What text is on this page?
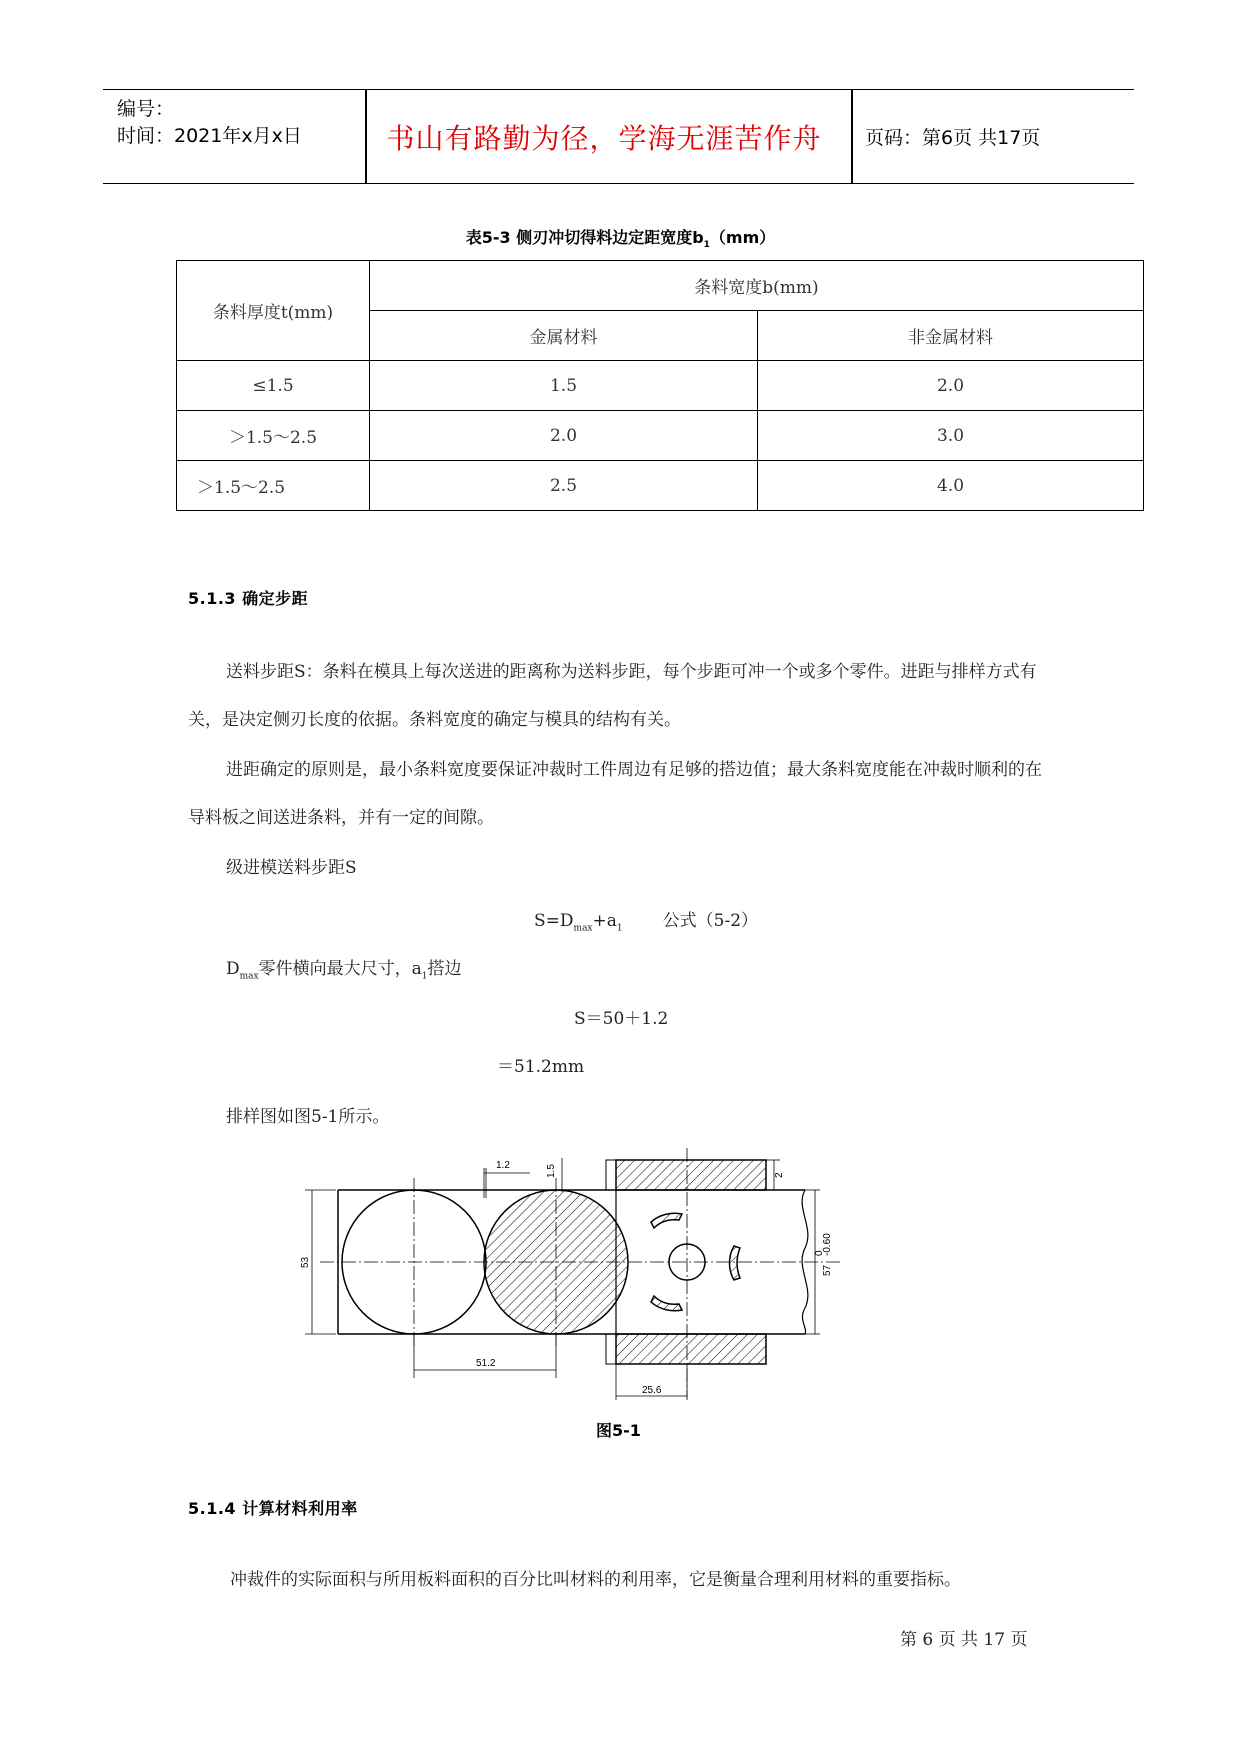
编号：
时间：2021年x月x日	书山有路勤为径，学海无涯苦作舟	页码：第6页 共17页
表5-3 侧刃冲切得料边定距宽度$b_1(mm)$
条料厚度t(mm)	条料宽度b(mm)	
	金属材料	非金属材料
≤1.5	1.5	2.0
＞1.5～2.5	2.0	3.0
＞1.5～2.5	2.5	4.0
5.1.3 确定步距
送料步距S：条料在模具上每次送进的距离称为送料步距，每个步距可冲一个或多个零件。进距与排样方式有关，是决定侧刃长度的依据。条料宽度的确定与模具的结构有关。
进距确定的原则是，最小条料宽度要保证冲裁时工件周边有足够的搭边值；最大条料宽度能在冲裁时顺利的在导料板之间送进条料，并有一定的间隙。
级进模送料步距S
$S=D_{max}+a_1$ 公式（5-2）
$D_{max}$零件横向最大尺寸，$a_1$搭边
S＝50＋1.2
＝51.2mm
排样图如图5-1所示。
1.2	1.5	2
53
51.2
25.6
57
0
-0.60
图5-1
5.1.4 计算材料利用率
冲裁件的实际面积与所用板料面积的百分比叫材料的利用率，它是衡量合理利用材料的重要指标。
第 6 页 共 17 页
